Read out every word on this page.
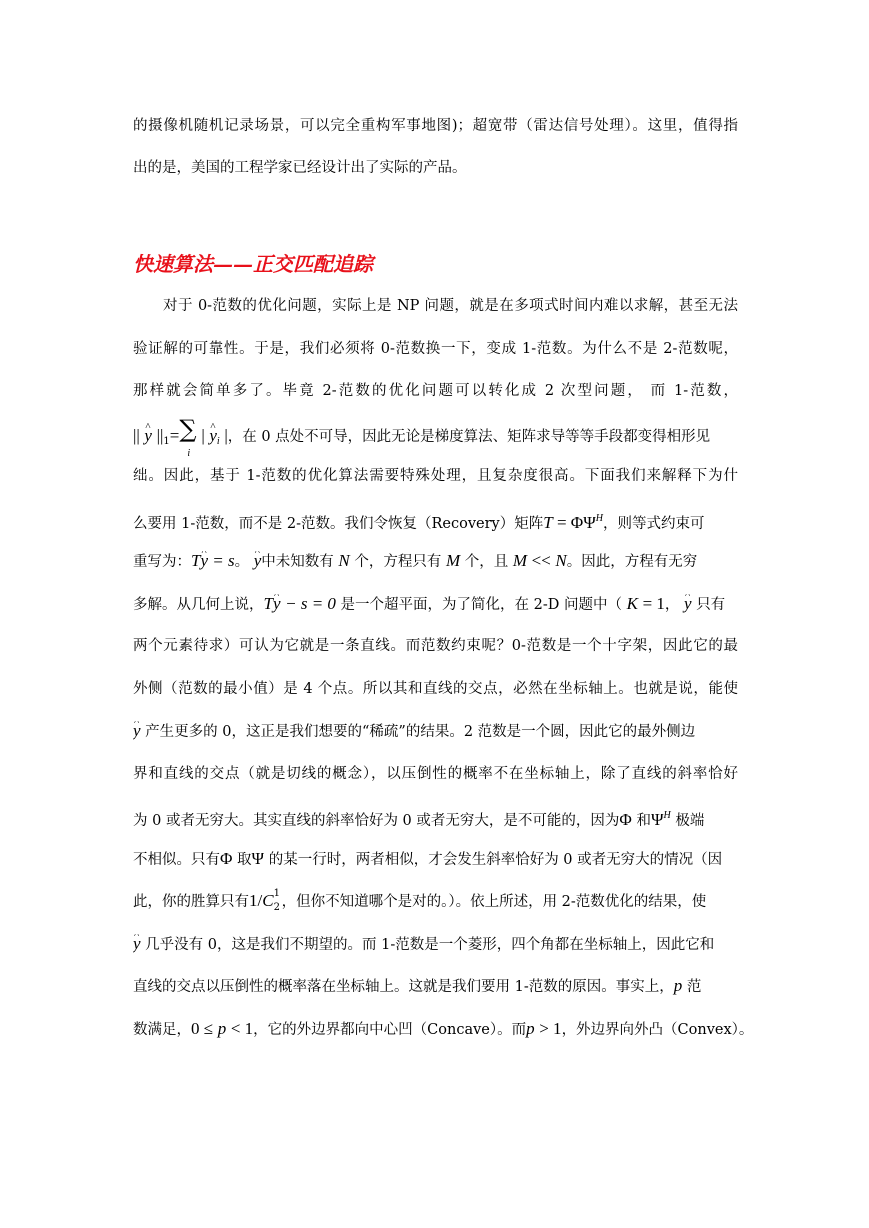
的摄像机随机记录场景，可以完全重构军事地图)；超宽带（雷达信号处理）。这里，值得指
出的是，美国的工程学家已经设计出了实际的产品。
快速算法——正交匹配追踪
对于 0-范数的优化问题，实际上是 NP 问题，就是在多项式时间内难以求解，甚至无法
验证解的可靠性。于是，我们必须将 0-范数换一下，变成 1-范数。为什么不是 2-范数呢，
那样就会简单多了。毕竟 2-范数的优化问题可以转化成 2 次型问题， 而 1-范数，
|| y ^ $||_1=$ ∑
i
| y $\^{}_i$ |，在 0 点处不可导，因此无论是梯度算法、矩阵求导等等手段都变得相形见
绌。因此，基于 1-范数的优化算法需要特殊处理，且复杂度很高。下面我们来解释下为什
么要用 1-范数，而不是 2-范数。我们令恢复（Recovery）矩阵$T = \Phi\Psi^H$，则等式约束可
重写为：Ty ^ = s。 y ^中未知数有 N 个，方程只有 M 个，且 M << N。因此，方程有无穷
多解。从几何上说，Ty ^ − s = 0 是一个超平面，为了简化，在 2-D 问题中（ K = 1， y ^ 只有
两个元素待求）可认为它就是一条直线。而范数约束呢？0-范数是一个十字架，因此它的最
外侧（范数的最小值）是 4 个点。所以其和直线的交点，必然在坐标轴上。也就是说，能使
y ^ 产生更多的 0，这正是我们想要的“稀疏”的结果。2 范数是一个圆，因此它的最外侧边
界和直线的交点（就是切线的概念），以压倒性的概率不在坐标轴上，除了直线的斜率恰好
为 0 或者无穷大。其实直线的斜率恰好为 0 或者无穷大，是不可能的，因为Φ 和$\Psi^H$ 极端
不相似。只有Φ 取Ψ 的某一行时，两者相似，才会发生斜率恰好为 0 或者无穷大的情况（因
此，你的胜算只有1/C 1
2 ，但你不知道哪个是对的。）。依上所述，用 2-范数优化的结果，使
y ^ 几乎没有 0，这是我们不期望的。而 1-范数是一个菱形，四个角都在坐标轴上，因此它和
直线的交点以压倒性的概率落在坐标轴上。这就是我们要用 1-范数的原因。事实上，p 范
数满足，0 ≤ p < 1，它的外边界都向中心凹（Concave）。而p > 1，外边界向外凸（Convex）。
